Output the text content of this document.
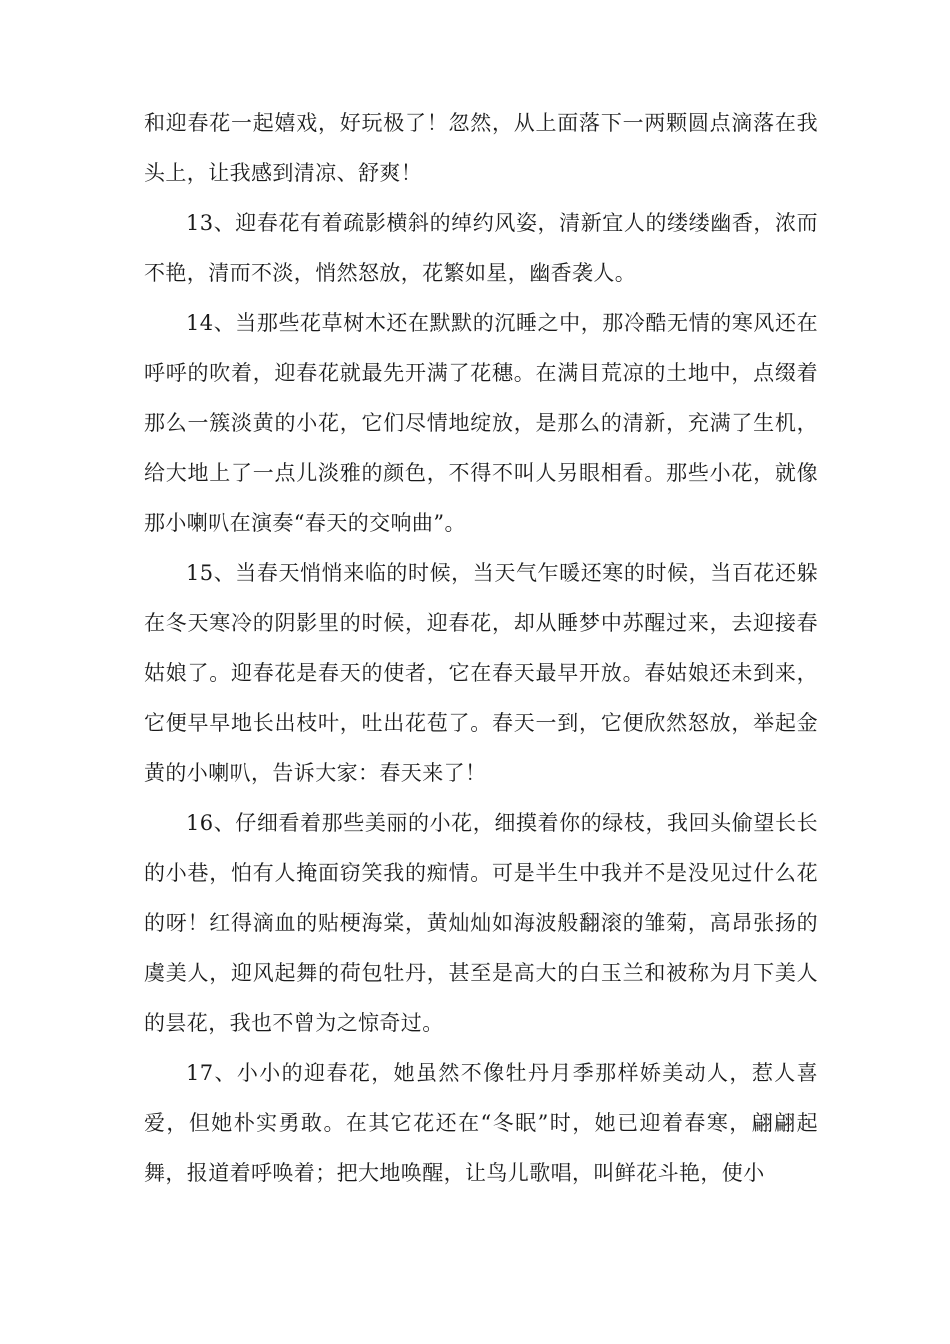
和迎春花一起嬉戏，好玩极了！忽然，从上面落下一两颗圆点滴落在我头上，让我感到清凉、舒爽！

13、迎春花有着疏影横斜的绰约风姿，清新宜人的缕缕幽香，浓而不艳，清而不淡，悄然怒放，花繁如星，幽香袭人。

14、当那些花草树木还在默默的沉睡之中，那冷酷无情的寒风还在呼呼的吹着，迎春花就最先开满了花穗。在满目荒凉的土地中，点缀着那么一簇淡黄的小花，它们尽情地绽放，是那么的清新，充满了生机，给大地上了一点儿淡雅的颜色，不得不叫人另眼相看。那些小花，就像那小喇叭在演奏“春天的交响曲”。

15、当春天悄悄来临的时候，当天气乍暖还寒的时候，当百花还躲在冬天寒冷的阴影里的时候，迎春花，却从睡梦中苏醒过来，去迎接春姑娘了。迎春花是春天的使者，它在春天最早开放。春姑娘还未到来，它便早早地长出枝叶，吐出花苞了。春天一到，它便欣然怒放，举起金黄的小喇叭，告诉大家：春天来了！

16、仔细看着那些美丽的小花，细摸着你的绿枝，我回头偷望长长的小巷，怕有人掩面窃笑我的痴情。可是半生中我并不是没见过什么花的呀！红得滴血的贴梗海棠，黄灿灿如海波般翻滚的雏菊，高昂张扬的虞美人，迎风起舞的荷包牡丹，甚至是高大的白玉兰和被称为月下美人的昙花，我也不曾为之惊奇过。

17、小小的迎春花，她虽然不像牡丹月季那样娇美动人，惹人喜爱，但她朴实勇敢。在其它花还在“冬眠”时，她已迎着春寒，翩翩起舞，报道着呼唤着；把大地唤醒，让鸟儿歌唱，叫鲜花斗艳，使小
